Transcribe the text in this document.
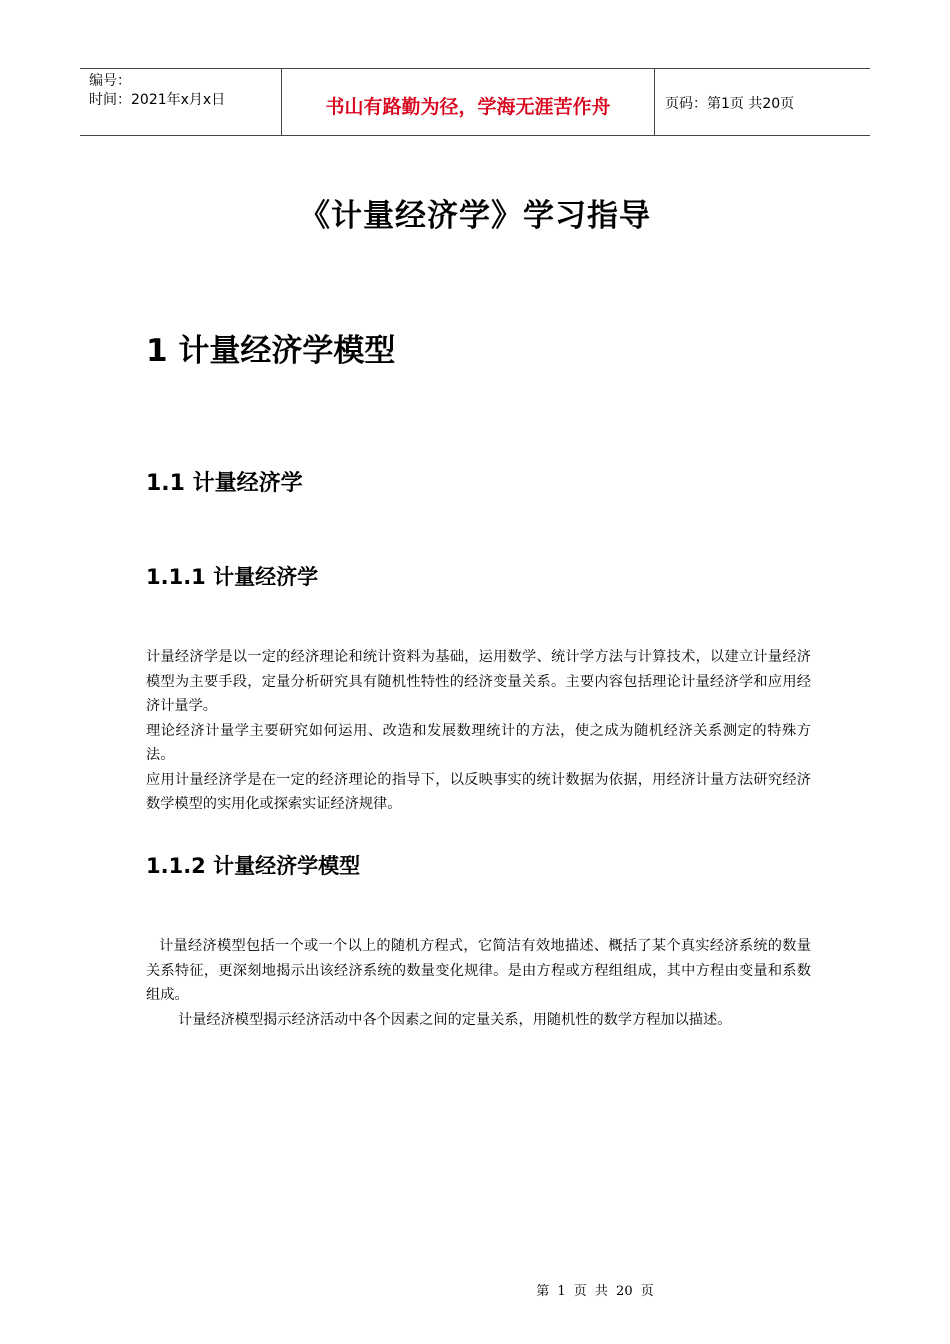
编号：
时间：2021年x月x日	书山有路勤为径，学海无涯苦作舟	页码：第1页 共20页
《计量经济学》学习指导
1 计量经济学模型
1.1 计量经济学
1.1.1 计量经济学

计量经济学是以一定的经济理论和统计资料为基础，运用数学、统计学方法与计算技术，以建立计量经济模型为主要手段，定量分析研究具有随机性特性的经济变量关系。主要内容包括理论计量经济学和应用经济计量学。

理论经济计量学主要研究如何运用、改造和发展数理统计的方法，使之成为随机经济关系测定的特殊方法。

应用计量经济学是在一定的经济理论的指导下，以反映事实的统计数据为依据，用经济计量方法研究经济数学模型的实用化或探索实证经济规律。

1.1.2 计量经济学模型

计量经济模型包括一个或一个以上的随机方程式，它简洁有效地描述、概括了某个真实经济系统的数量关系特征，更深刻地揭示出该经济系统的数量变化规律。是由方程或方程组组成，其中方程由变量和系数组成。

计量经济模型揭示经济活动中各个因素之间的定量关系，用随机性的数学方程加以描述。

第 1 页 共 20 页
